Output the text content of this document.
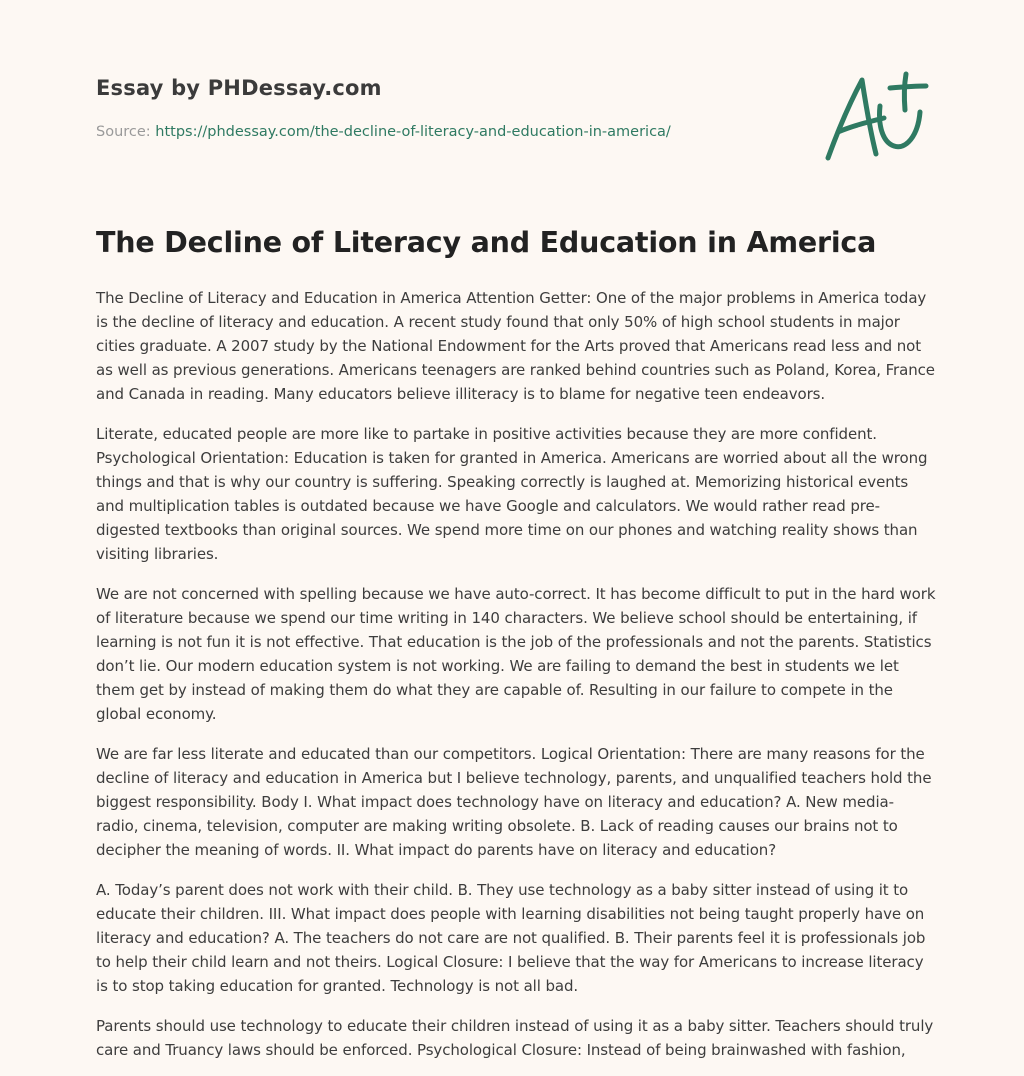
Essay by PHDessay.com
Source: https://phdessay.com/the-decline-of-literacy-and-education-in-america/
The Decline of Literacy and Education in America

The Decline of Literacy and Education in America Attention Getter: One of the major problems in America today is the decline of literacy and education. A recent study found that only 50% of high school students in major cities graduate. A 2007 study by the National Endowment for the Arts proved that Americans read less and not as well as previous generations. Americans teenagers are ranked behind countries such as Poland, Korea, France and Canada in reading. Many educators believe illiteracy is to blame for negative teen endeavors.

Literate, educated people are more like to partake in positive activities because they are more confident. Psychological Orientation: Education is taken for granted in America. Americans are worried about all the wrong things and that is why our country is suffering. Speaking correctly is laughed at. Memorizing historical events and multiplication tables is outdated because we have Google and calculators. We would rather read pre-digested textbooks than original sources. We spend more time on our phones and watching reality shows than visiting libraries.

We are not concerned with spelling because we have auto-correct. It has become difficult to put in the hard work of literature because we spend our time writing in 140 characters. We believe school should be entertaining, if learning is not fun it is not effective. That education is the job of the professionals and not the parents. Statistics don’t lie. Our modern education system is not working. We are failing to demand the best in students we let them get by instead of making them do what they are capable of. Resulting in our failure to compete in the global economy.

We are far less literate and educated than our competitors. Logical Orientation: There are many reasons for the decline of literacy and education in America but I believe technology, parents, and unqualified teachers hold the biggest responsibility. Body I. What impact does technology have on literacy and education? A. New media- radio, cinema, television, computer are making writing obsolete. B. Lack of reading causes our brains not to decipher the meaning of words. II. What impact do parents have on literacy and education?

A. Today’s parent does not work with their child. B. They use technology as a baby sitter instead of using it to educate their children. III. What impact does people with learning disabilities not being taught properly have on literacy and education? A. The teachers do not care are not qualified. B. Their parents feel it is professionals job to help their child learn and not theirs. Logical Closure: I believe that the way for Americans to increase literacy is to stop taking education for granted. Technology is not all bad.

Parents should use technology to educate their children instead of using it as a baby sitter. Teachers should truly care and Truancy laws should be enforced. Psychological Closure: Instead of being brainwashed with fashion,
